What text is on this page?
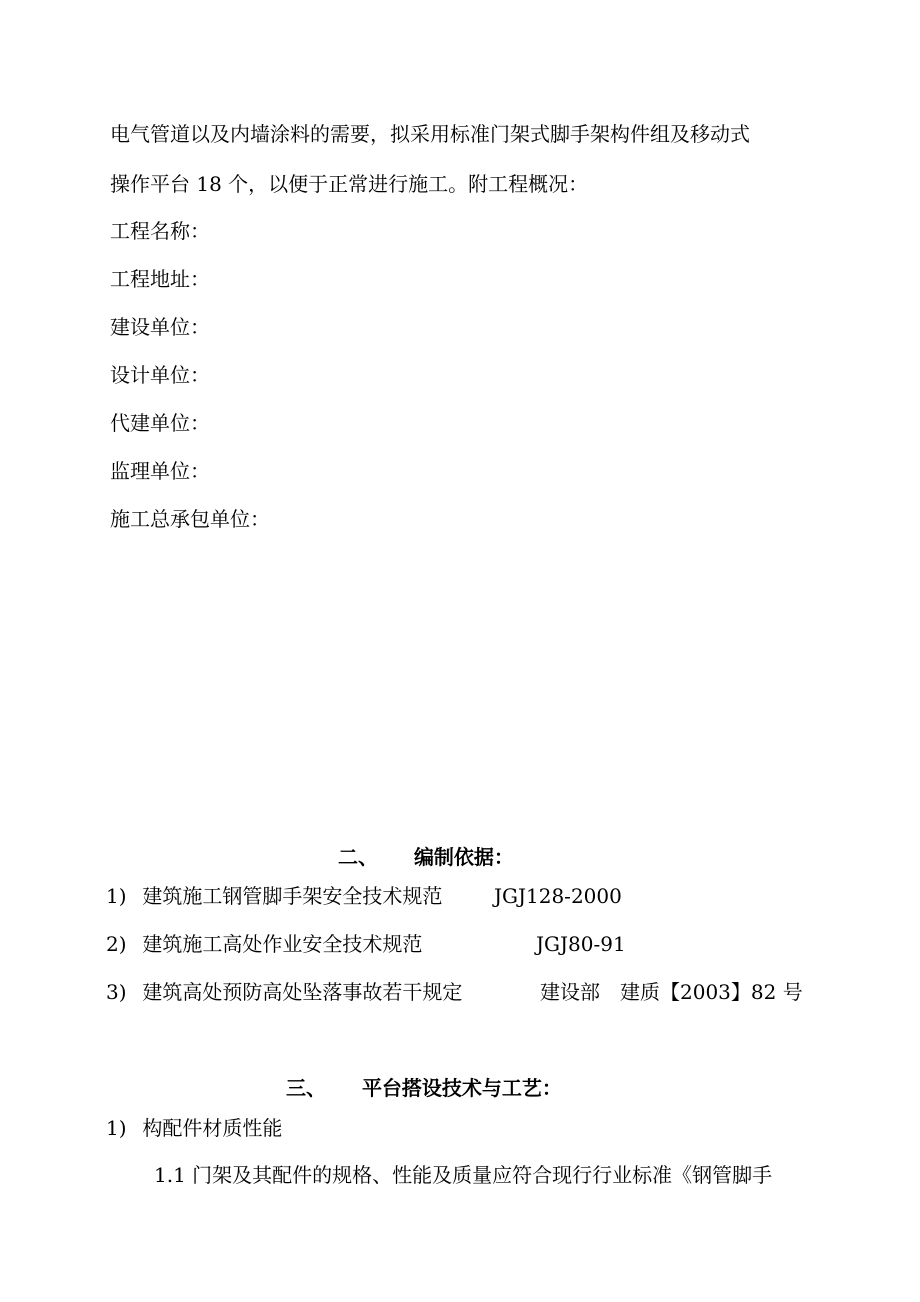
电气管道以及内墙涂料的需要，拟采用标准门架式脚手架构件组及移动式
操作平台 18 个，以便于正常进行施工。附工程概况：
工程名称：
工程地址：
建设单位：
设计单位：
代建单位：
监理单位：
施工总承包单位：
二、 编制依据：
1) 建筑施工钢管脚手架安全技术规范	JGJ128-2000
2) 建筑施工高处作业安全技术规范	JGJ80-91
3) 建筑高处预防高处坠落事故若干规定	建设部　建质【2003】82 号
三、 平台搭设技术与工艺：
1) 构配件材质性能
1.1 门架及其配件的规格、性能及质量应符合现行行业标准《钢管脚手
